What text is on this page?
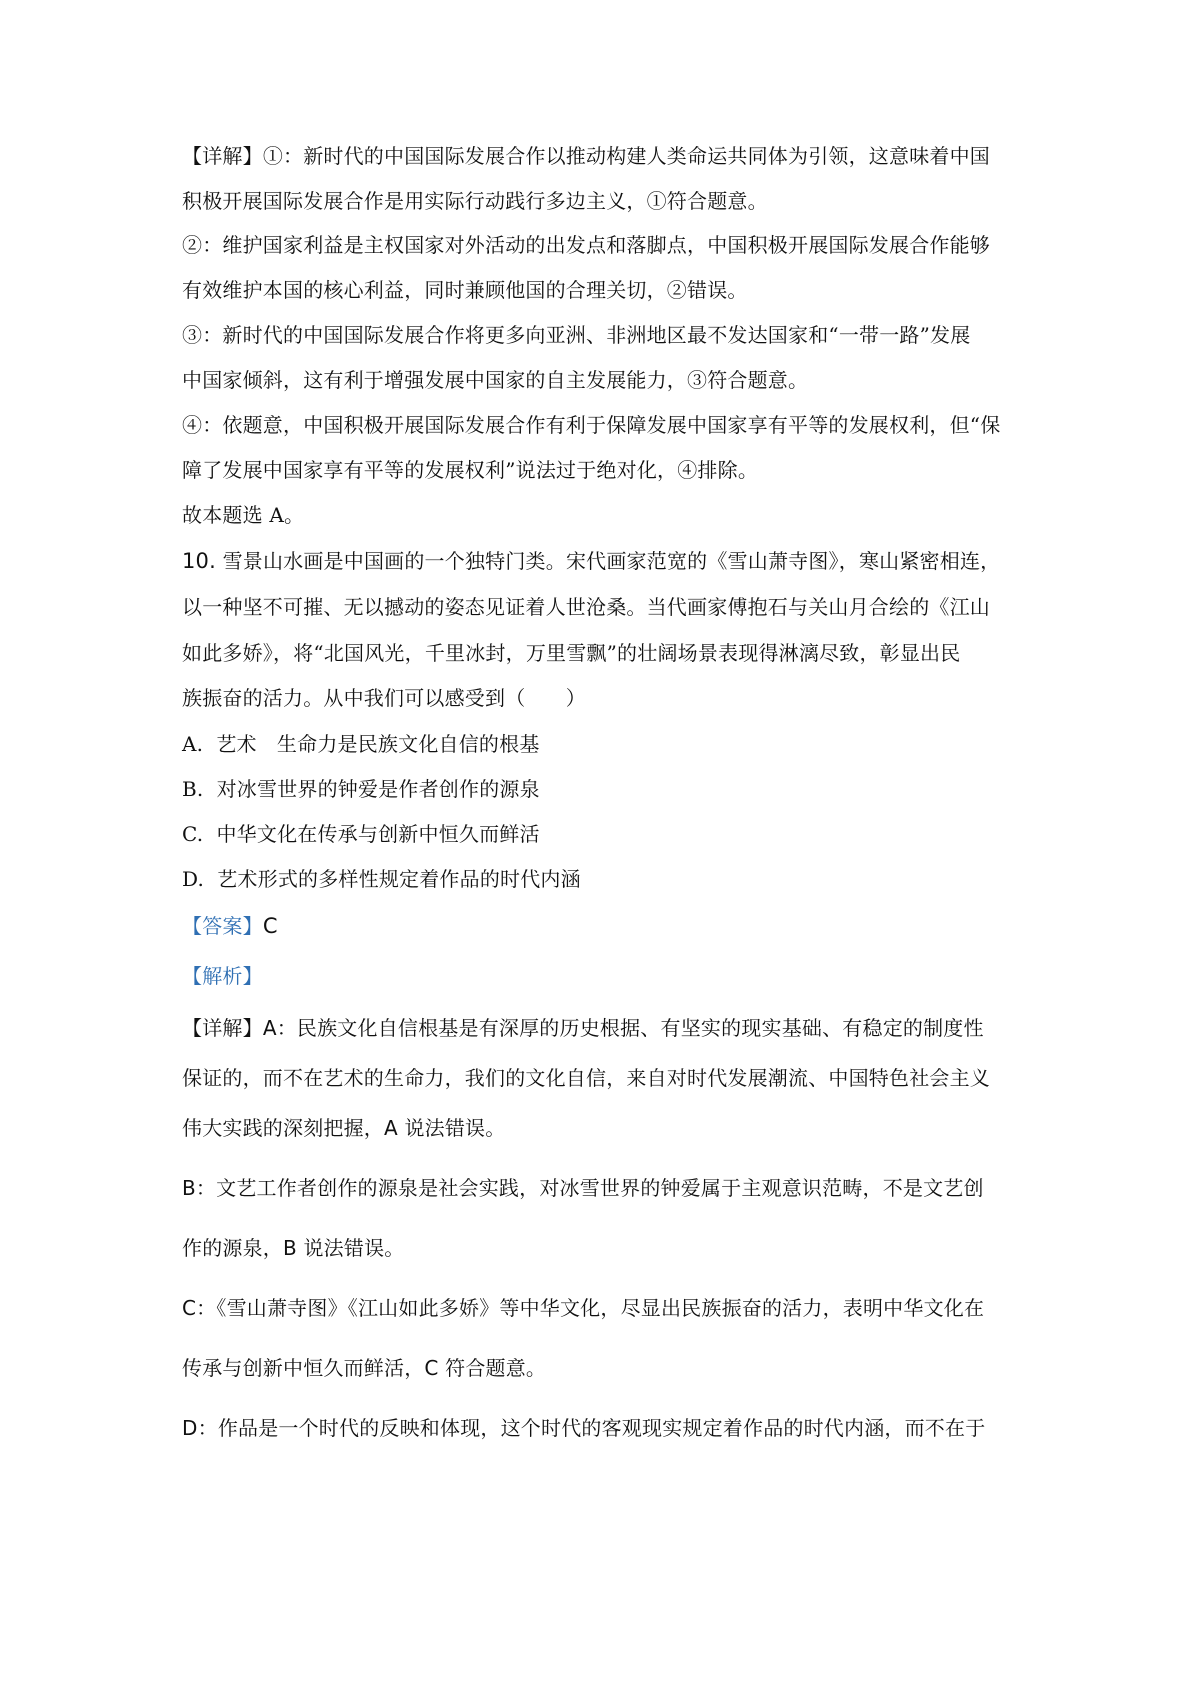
【详解】①：新时代的中国国际发展合作以推动构建人类命运共同体为引领，这意味着中国
积极开展国际发展合作是用实际行动践行多边主义，①符合题意。
②：维护国家利益是主权国家对外活动的出发点和落脚点，中国积极开展国际发展合作能够
有效维护本国的核心利益，同时兼顾他国的合理关切，②错误。
③：新时代的中国国际发展合作将更多向亚洲、非洲地区最不发达国家和“一带一路”发展
中国家倾斜，这有利于增强发展中国家的自主发展能力，③符合题意。
④：依题意，中国积极开展国际发展合作有利于保障发展中国家享有平等的发展权利，但“保
障了发展中国家享有平等的发展权利”说法过于绝对化，④排除。
故本题选 A。
10. 雪景山水画是中国画的一个独特门类。宋代画家范宽的《雪山萧寺图》，寒山紧密相连，
以一种坚不可摧、无以撼动的姿态见证着人世沧桑。当代画家傅抱石与关山月合绘的《江山
如此多娇》，将“北国风光，千里冰封，万里雪飘”的壮阔场景表现得淋漓尽致，彰显出民
族振奋的活力。从中我们可以感受到（　　）
A. 艺术　生命力是民族文化自信的根基
B. 对冰雪世界的钟爱是作者创作的源泉
C. 中华文化在传承与创新中恒久而鲜活
D. 艺术形式的多样性规定着作品的时代内涵
【答案】C
【解析】
【详解】A：民族文化自信根基是有深厚的历史根据、有坚实的现实基础、有稳定的制度性
保证的，而不在艺术的生命力，我们的文化自信，来自对时代发展潮流、中国特色社会主义
伟大实践的深刻把握，A 说法错误。
B：文艺工作者创作的源泉是社会实践，对冰雪世界的钟爱属于主观意识范畴，不是文艺创
作的源泉，B 说法错误。
C：《雪山萧寺图》《江山如此多娇》等中华文化，尽显出民族振奋的活力，表明中华文化在
传承与创新中恒久而鲜活，C 符合题意。
D：作品是一个时代的反映和体现，这个时代的客观现实规定着作品的时代内涵，而不在于
